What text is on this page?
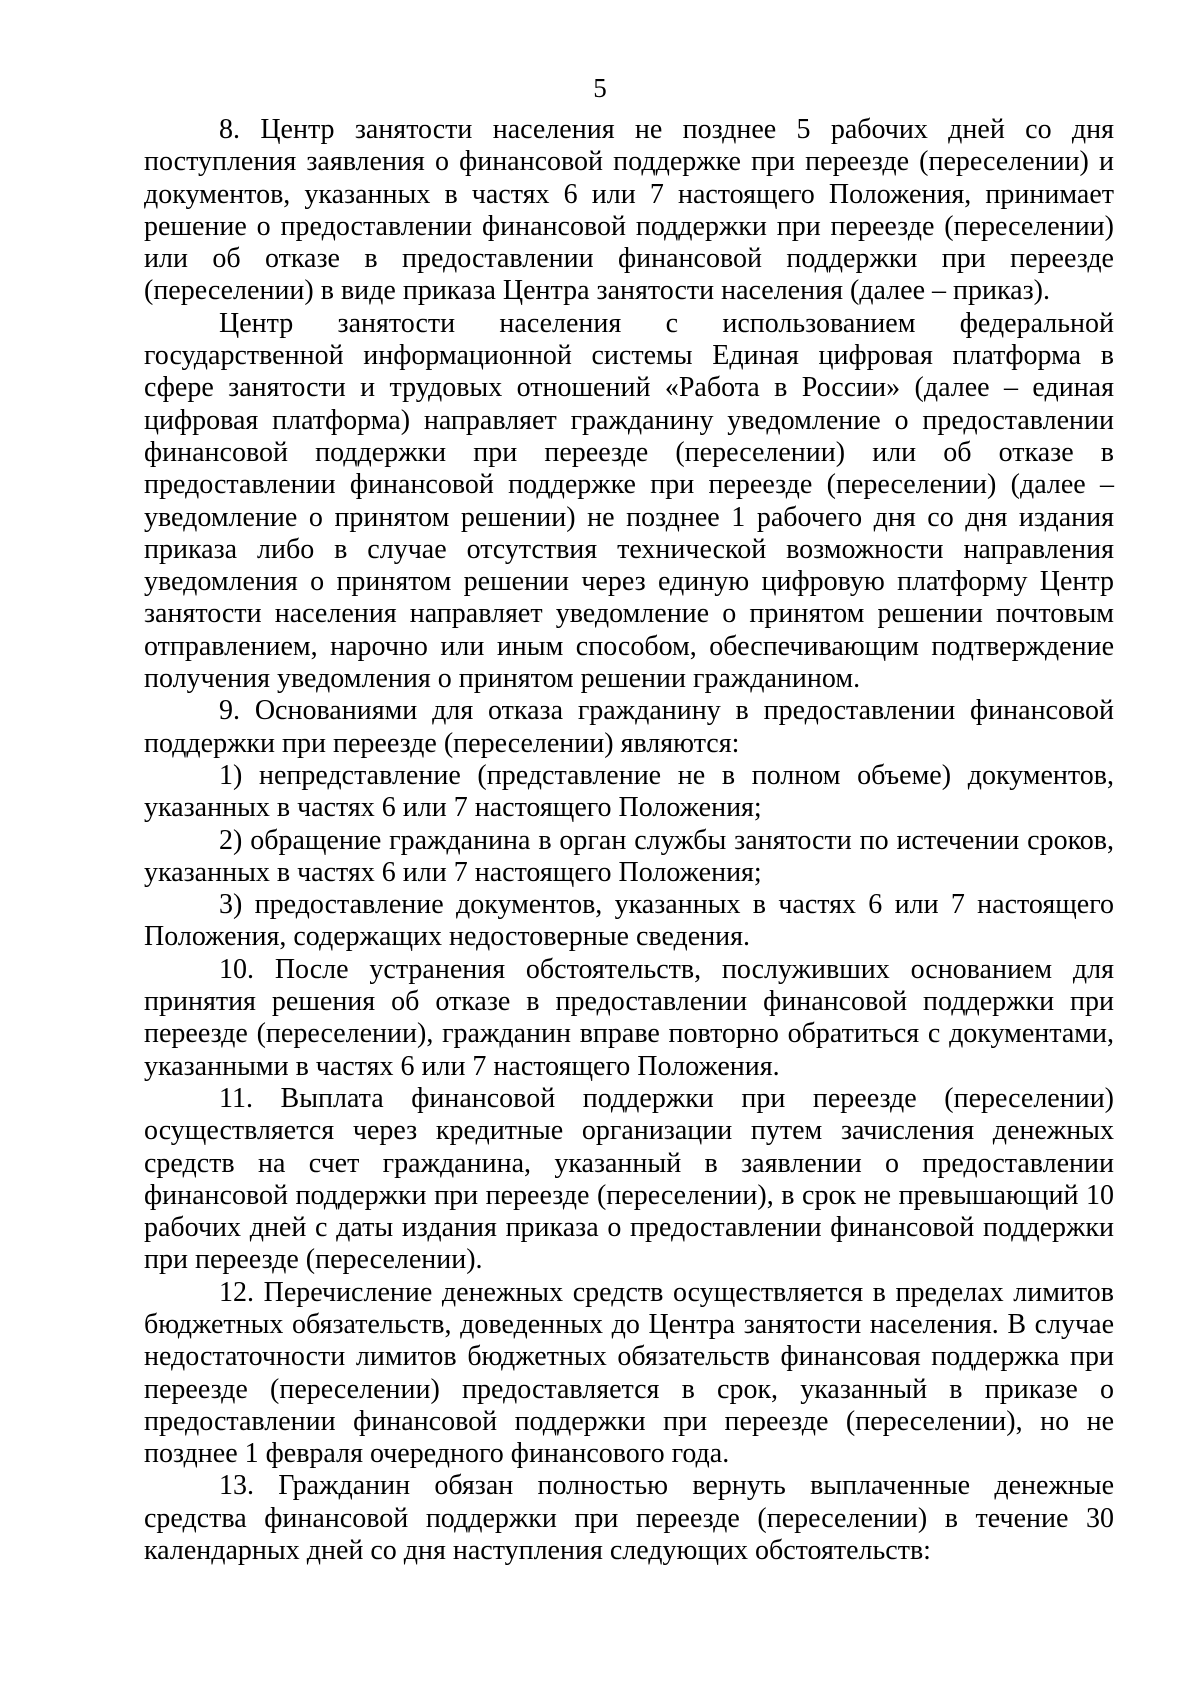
5

8. Центр занятости населения не позднее 5 рабочих дней со дня поступления заявления о финансовой поддержке при переезде (переселении) и документов, указанных в частях 6 или 7 настоящего Положения, принимает решение о предоставлении финансовой поддержки при переезде (переселении) или об отказе в предоставлении финансовой поддержки при переезде (переселении) в виде приказа Центра занятости населения (далее – приказ).

Центр занятости населения с использованием федеральной государственной информационной системы Единая цифровая платформа в сфере занятости и трудовых отношений «Работа в России» (далее – единая цифровая платформа) направляет гражданину уведомление о предоставлении финансовой поддержки при переезде (переселении) или об отказе в предоставлении финансовой поддержке при переезде (переселении) (далее – уведомление о принятом решении) не позднее 1 рабочего дня со дня издания приказа либо в случае отсутствия технической возможности направления уведомления о принятом решении через единую цифровую платформу Центр занятости населения направляет уведомление о принятом решении почтовым отправлением, нарочно или иным способом, обеспечивающим подтверждение получения уведомления о принятом решении гражданином.

9. Основаниями для отказа гражданину в предоставлении финансовой поддержки при переезде (переселении) являются:

1) непредставление (представление не в полном объеме) документов, указанных в частях 6 или 7 настоящего Положения;

2) обращение гражданина в орган службы занятости по истечении сроков, указанных в частях 6 или 7 настоящего Положения;

3) предоставление документов, указанных в частях 6 или 7 настоящего Положения, содержащих недостоверные сведения.

10. После устранения обстоятельств, послуживших основанием для принятия решения об отказе в предоставлении финансовой поддержки при переезде (переселении), гражданин вправе повторно обратиться с документами, указанными в частях 6 или 7 настоящего Положения.

11. Выплата финансовой поддержки при переезде (переселении) осуществляется через кредитные организации путем зачисления денежных средств на счет гражданина, указанный в заявлении о предоставлении финансовой поддержки при переезде (переселении), в срок не превышающий 10 рабочих дней с даты издания приказа о предоставлении финансовой поддержки при переезде (переселении).

12. Перечисление денежных средств осуществляется в пределах лимитов бюджетных обязательств, доведенных до Центра занятости населения. В случае недостаточности лимитов бюджетных обязательств финансовая поддержка при переезде (переселении) предоставляется в срок, указанный в приказе о предоставлении финансовой поддержки при переезде (переселении), но не позднее 1 февраля очередного финансового года.

13. Гражданин обязан полностью вернуть выплаченные денежные средства финансовой поддержки при переезде (переселении) в течение 30 календарных дней со дня наступления следующих обстоятельств:
